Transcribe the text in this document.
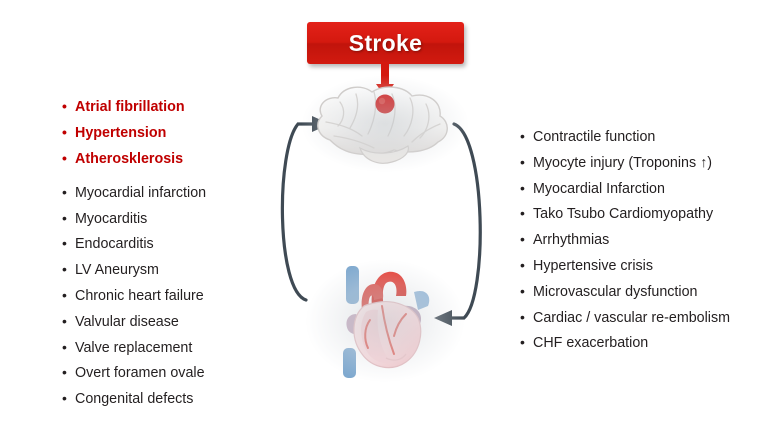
Stroke
• Atrial fibrillation
• Hypertension
• Atherosklerosis
• Myocardial infarction
• Myocarditis
• Endocarditis
• LV Aneurysm
• Chronic heart failure
• Valvular disease
• Valve replacement
• Overt foramen ovale
• Congenital defects
• Contractile function
• Myocyte injury (Troponins ↑)
• Myocardial Infarction
• Tako Tsubo Cardiomyopathy
• Arrhythmias
• Hypertensive crisis
• Microvascular dysfunction
• Cardiac / vascular re-embolism
• CHF exacerbation
